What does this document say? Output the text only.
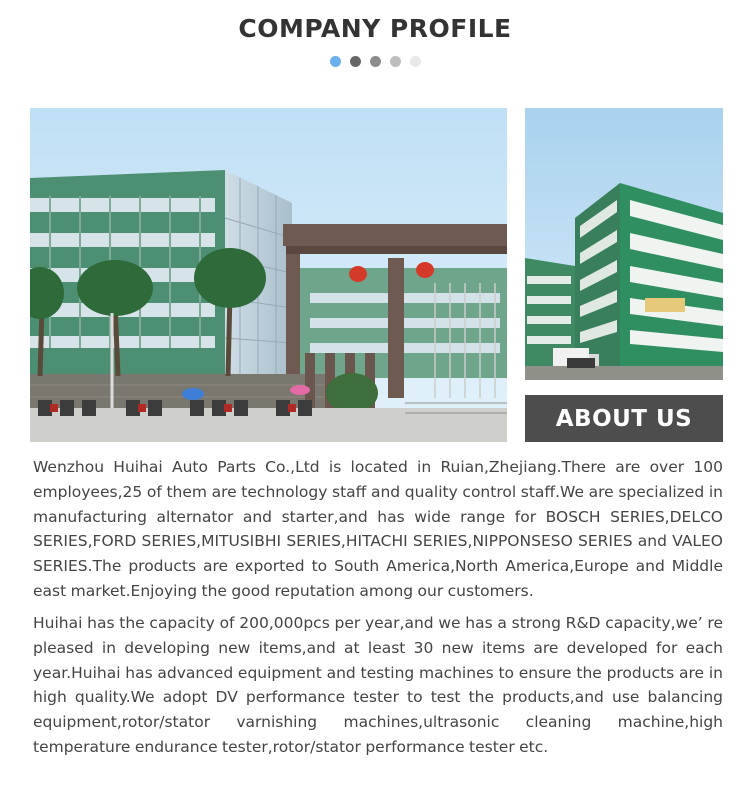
COMPANY PROFILE
ABOUT US

Wenzhou Huihai Auto Parts Co.,Ltd is located in Ruian,Zhejiang.There are over 100 employees,25 of them are technology staff and quality control staff.We are specialized in manufacturing alternator and starter,and has wide range for BOSCH SERIES,DELCO SERIES,FORD SERIES,MITUSIBHI SERIES,HITACHI SERIES,NIPPONSESO SERIES and VALEO SERIES.The products are exported to South America,North America,Europe and Middle east market.Enjoying the good reputation among our customers.

Huihai has the capacity of 200,000pcs per year,and we has a strong R&D capacity,we’ re pleased in developing new items,and at least 30 new items are developed for each year.Huihai has advanced equipment and testing machines to ensure the products are in high quality.We adopt DV performance tester to test the products,and use balancing equipment,rotor/stator varnishing machines,ultrasonic cleaning machine,high temperature endurance tester,rotor/stator performance tester etc.
